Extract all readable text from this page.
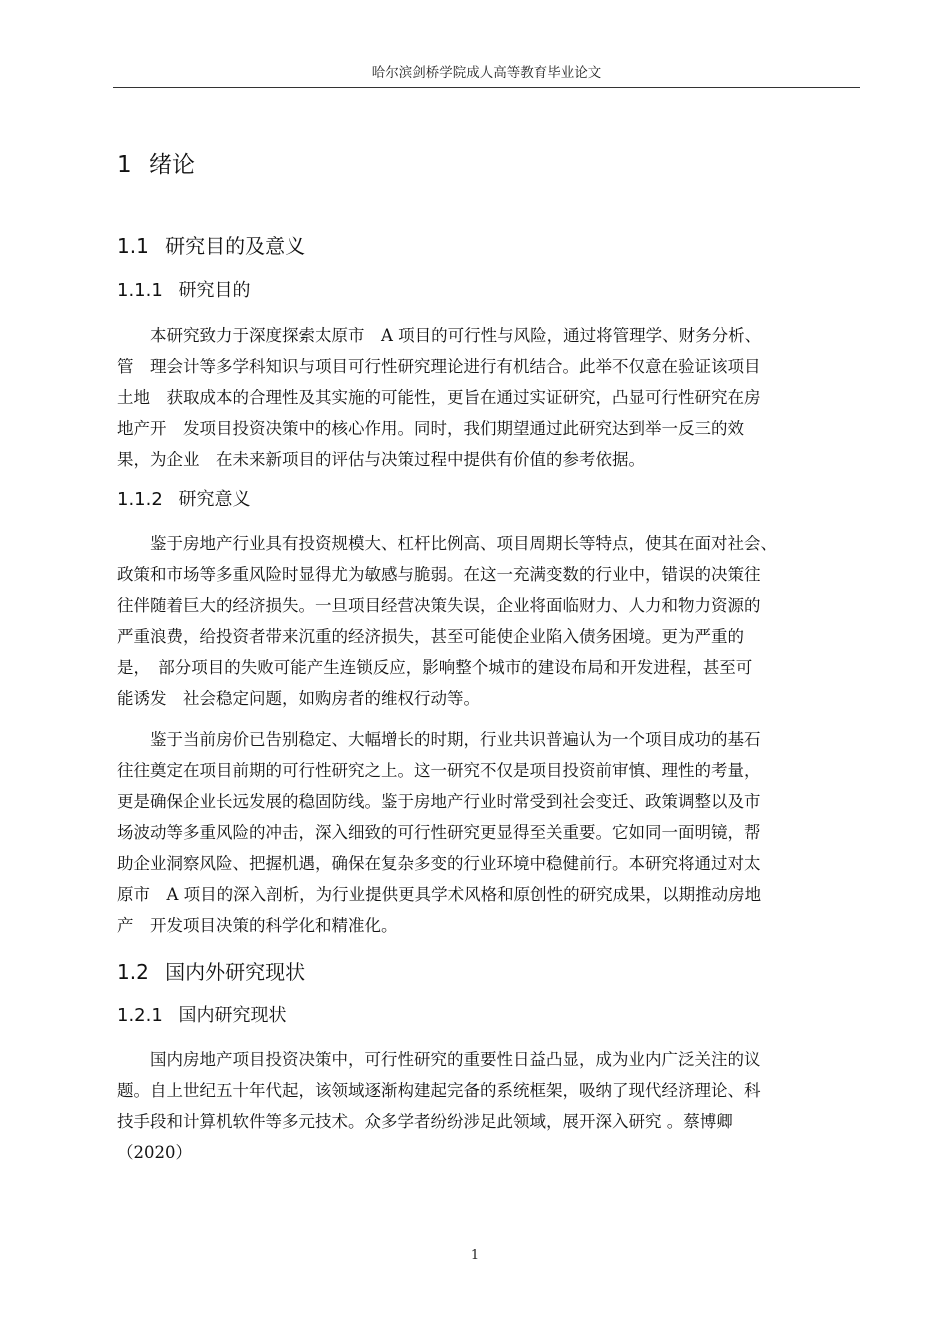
哈尔滨剑桥学院成人高等教育毕业论文
1 绪论
1.1 研究目的及意义
1.1.1 研究目的
　　本研究致力于深度探索太原市　A 项目的可行性与风险，通过将管理学、财务分析、
管　理会计等多学科知识与项目可行性研究理论进行有机结合。此举不仅意在验证该项目
土地　获取成本的合理性及其实施的可能性，更旨在通过实证研究，凸显可行性研究在房
地产开　发项目投资决策中的核心作用。同时，我们期望通过此研究达到举一反三的效
果，为企业　在未来新项目的评估与决策过程中提供有价值的参考依据。
1.1.2 研究意义
　　鉴于房地产行业具有投资规模大、杠杆比例高、项目周期长等特点，使其在面对社会、
政策和市场等多重风险时显得尤为敏感与脆弱。在这一充满变数的行业中，错误的决策往
往伴随着巨大的经济损失。一旦项目经营决策失误，企业将面临财力、人力和物力资源的
严重浪费，给投资者带来沉重的经济损失，甚至可能使企业陷入债务困境。更为严重的
是，　部分项目的失败可能产生连锁反应，影响整个城市的建设布局和开发进程，甚至可
能诱发　社会稳定问题，如购房者的维权行动等。
　　鉴于当前房价已告别稳定、大幅增长的时期，行业共识普遍认为一个项目成功的基石
往往奠定在项目前期的可行性研究之上。这一研究不仅是项目投资前审慎、理性的考量，
更是确保企业长远发展的稳固防线。鉴于房地产行业时常受到社会变迁、政策调整以及市
场波动等多重风险的冲击，深入细致的可行性研究更显得至关重要。它如同一面明镜，帮
助企业洞察风险、把握机遇，确保在复杂多变的行业环境中稳健前行。本研究将通过对太
原市　A 项目的深入剖析，为行业提供更具学术风格和原创性的研究成果，以期推动房地
产　开发项目决策的科学化和精准化。
1.2 国内外研究现状
1.2.1 国内研究现状
　　国内房地产项目投资决策中，可行性研究的重要性日益凸显，成为业内广泛关注的议
题。自上世纪五十年代起，该领域逐渐构建起完备的系统框架，吸纳了现代经济理论、科
技手段和计算机软件等多元技术。众多学者纷纷涉足此领域，展开深入研究 。蔡博卿
（2020）
1
